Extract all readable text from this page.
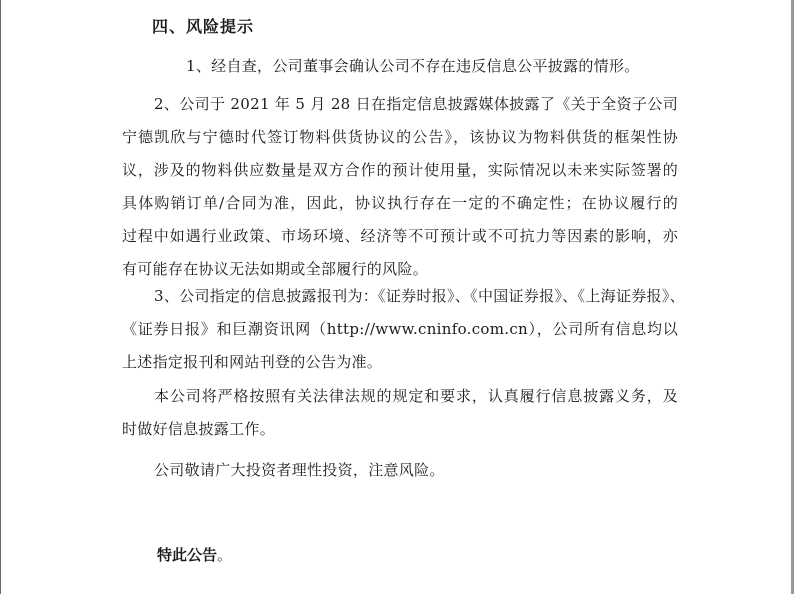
四、风险提示

1、经自查，公司董事会确认公司不存在违反信息公平披露的情形。

2、公司于 2021 年 5 月 28 日在指定信息披露媒体披露了《关于全资子公司
宁德凯欣与宁德时代签订物料供货协议的公告》，该协议为物料供货的框架性协
议，涉及的物料供应数量是双方合作的预计使用量，实际情况以未来实际签署的
具体购销订单/合同为准，因此，协议执行存在一定的不确定性；在协议履行的
过程中如遇行业政策、市场环境、经济等不可预计或不可抗力等因素的影响，亦
有可能存在协议无法如期或全部履行的风险。

3、公司指定的信息披露报刊为：《证券时报》、《中国证券报》、《上海证券报》、
《证券日报》和巨潮资讯网（http://www.cninfo.com.cn），公司所有信息均以
上述指定报刊和网站刊登的公告为准。

本公司将严格按照有关法律法规的规定和要求，认真履行信息披露义务，及
时做好信息披露工作。

公司敬请广大投资者理性投资，注意风险。

特此公告。
